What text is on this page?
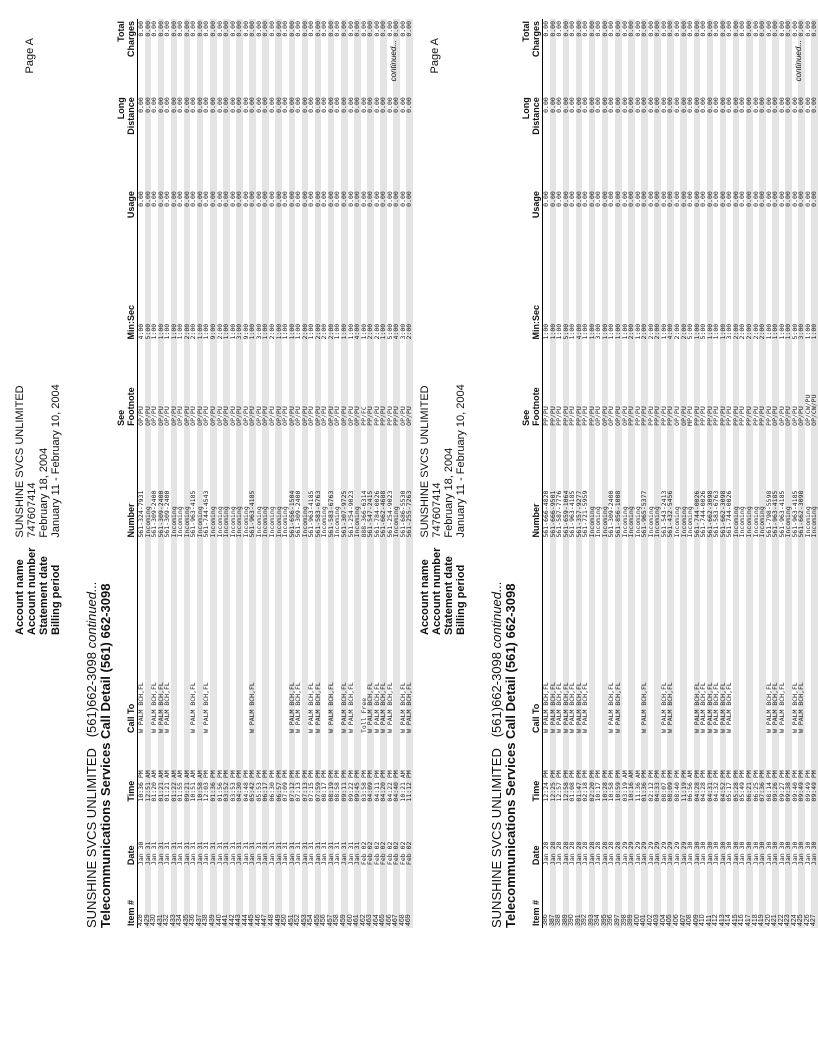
Account name	SUNSHINE SVCS UNLIMITED
Account number	747607414
Statement date	February 18, 2004
Billing period	January 11 - February 10, 2004
Page A
SUNSHINE SVCS UNLIMITED   (561)662-3098 continued... Telecommunications Services Call Detail (561) 662-3098 Item #	Date	Time	Call To	Number	See
Footnote	Min:Sec	Usage	Long
Distance	Total
Charges
386	Jan 28	12:24 PM	W PALM BCH,FL	561-666-4820	PP/PU	1:00	0.00	0.00	0.00
387	Jan 28	12:25 PM	W PALM BCH,FL	561-666-9501	PP/PU	1:00	0.00	0.00	0.00
388	Jan 28	12:57 PM	W PALM BCH,FL	561-587-7776	PP/PU	1:00	0.00	0.00	0.00
389	Jan 28	12:58 PM	W PALM BCH,FL	561-659-1064	PP/PU	5:00	0.00	0.00	0.00
390	Jan 28	01:08 PM	W PALM BCH,FL	561-963-4185	PP/PU	1:00	0.00	0.00	0.00
391	Jan 28	01:47 PM	W PALM BCH,FL	561-357-9277	PP/PU	4:00	0.00	0.00	0.00
392	Jan 28	02:18 PM	W PALM BCH,FL	561-721-5959	PP/PU	1:00	0.00	0.00	0.00
393	Jan 28	02:20 PM		Incoming	PP/PU	1:00	0.00	0.00	0.00
394	Jan 28	10:17 PM		Incoming	OP/PU	3:00	0.00	0.00	0.00
395	Jan 28	10:28 PM		Incoming	OP/PU	1:00	0.00	0.00	0.00
396	Jan 28	10:58 PM	W PALM BCH,FL	561-309-2400	OP/PU	1:00	0.00	0.00	0.00
397	Jan 28	10:59 PM	W PALM BCH,FL	561-856-1008	OP/PU	1:00	0.00	0.00	0.00
398	Jan 29	03:19 AM		Incoming	OP/PU	1:00	0.00	0.00	0.00
399	Jan 29	10:16 AM		Incoming	PP/PU	2:00	0.00	0.00	0.00
400	Jan 29	11:36 AM		Incoming	PP/PU	1:00	0.00	0.00	0.00
401	Jan 29	01:36 PM	W PALM BCH,FL	561-965-5377	PP/PU	2:00	0.00	0.00	0.00
402	Jan 29	02:12 PM		Incoming	PP/PU	2:00	0.00	0.00	0.00
403	Jan 29	04:33 PM		Incoming	PP/PU	2:00	0.00	0.00	0.00
404	Jan 29	08:07 PM	W PALM BCH,FL	561-543-2413	PP/PU	1:00	0.00	0.00	0.00
405	Jan 29	08:09 PM	W PALM BCH,FL	561-432-5456	PP/PU	4:00	0.00	0.00	0.00
406	Jan 29	08:40 PM		Incoming	OP/PU	2:00	0.00	0.00	0.00
407	Jan 29	11:19 PM		Incoming	OP/PU	2:00	0.00	0.00	0.00
408	Jan 30	06:56 AM		Incoming	MP/PU	5:00	0.00	0.00	0.00
409	Jan 30	04:28 PM	W PALM BCH,FL	561-744-0026	PP/PU	1:00	0.00	0.00	0.00
410	Jan 30	04:28 PM	W PALM BCH,FL	561-744-0026	PP/PU	5:00	0.00	0.00	0.00
411	Jan 30	04:31 PM	W PALM BCH,FL	561-662-3098	PP/PU	1:00	0.00	0.00	0.00
412	Jan 30	04:32 PM	W PALM BCH,FL	561-583-6763	PP/PU	1:00	0.00	0.00	0.00
413	Jan 30	04:52 PM	W PALM BCH,FL	561-662-3098	PP/PU	1:00	0.00	0.00	0.00
414	Jan 30	05:17 PM	W PALM BCH,FL	561-744-0026	PP/PU	3:00	0.00	0.00	0.00
415	Jan 30	05:28 PM		Incoming	PP/PU	2:00	0.00	0.00	0.00
416	Jan 30	05:49 PM		Incoming	PP/PU	2:00	0.00	0.00	0.00
417	Jan 30	06:21 PM		Incoming	PP/PU	2:00	0.00	0.00	0.00
418	Jan 30	06:25 PM		Incoming	PP/PU	2:00	0.00	0.00	0.00
419	Jan 30	07:36 PM		Incoming	PP/PU	2:00	0.00	0.00	0.00
420	Jan 30	08:14 PM	W PALM BCH,FL	561-798-5598	PP/PU	1:00	0.00	0.00	0.00
421	Jan 30	09:26 PM	W PALM BCH,FL	561-963-4185	OP/PU	1:00	0.00	0.00	0.00
422	Jan 30	09:27 PM	W PALM BCH,FL	561-963-4185	OP/PU	1:00	0.00	0.00	0.00
423	Jan 30	09:38 PM		Incoming	OP/PU	1:00	0.00	0.00	0.00
424	Jan 30	09:40 PM	W PALM BCH,FL	561-963-4185	OP/PU	5:00	0.00	0.00	0.00
425	Jan 30	09:49 PM	W PALM BCH,FL	561-662-3098	OP/PU	3:00	0.00	0.00	0.00
426	Jan 30	09:49 PM		Incoming	OP/CW/PU	1:00	0.00	0.00	0.00
427	Jan 30	09:49 PM		Incoming	OP/CW/PU	1:00	0.00	0.00	0.00
continued...
Account name	SUNSHINE SVCS UNLIMITED
Account number	747607414
Statement date	February 18, 2004
Billing period	January 11 - February 10, 2004
Page A
SUNSHINE SVCS UNLIMITED   (561)662-3098 continued... Telecommunications Services Call Detail (561) 662-3098 Item #	Date	Time	Call To	Number	See
Footnote	Min:Sec	Usage	Long
Distance	Total
Charges
428	Jan 30	10:36 PM	W PALM BCH,FL	561-324-7931	OP/PU	4:00	0.00	0.00	0.00
429	Jan 31	12:51 AM		Incoming	OP/PU	5:00	0.00	0.00	0.00
430	Jan 31	01:20 AM	W PALM BCH,FL	561-309-2400	OP/PU	1:00	0.00	0.00	0.00
431	Jan 31	01:21 AM	W PALM BCH,FL	561-309-2400	OP/PU	1:00	0.00	0.00	0.00
432	Jan 31	01:21 AM	W PALM BCH,FL	561-309-2400	OP/PU	1:00	0.00	0.00	0.00
433	Jan 31	01:22 AM		Incoming	OP/PU	1:00	0.00	0.00	0.00
434	Jan 31	01:55 AM		Incoming	OP/PU	1:00	0.00	0.00	0.00
435	Jan 31	09:21 AM		Incoming	OP/PU	2:00	0.00	0.00	0.00
436	Jan 31	10:51 AM	W PALM BCH,FL	561-963-4185	OP/PU	2:00	0.00	0.00	0.00
437	Jan 31	10:58 AM		Incoming	OP/PU	1:00	0.00	0.00	0.00
438	Jan 31	12:03 PM	W PALM BCH,FL	561-744-4543	OP/PU	1:00	0.00	0.00	0.00
439	Jan 31	01:36 PM		Incoming	OP/PU	9:00	0.00	0.00	0.00
440	Jan 31	01:56 PM		Incoming	OP/PU	2:00	0.00	0.00	0.00
441	Jan 31	03:52 PM		Incoming	OP/PU	1:00	0.00	0.00	0.00
442	Jan 31	03:53 PM		Incoming	OP/PU	1:00	0.00	0.00	0.00
443	Jan 31	04:30 PM		Incoming	OP/PU	3:00	0.00	0.00	0.00
444	Jan 31	04:48 PM		Incoming	OP/PU	9:00	0.00	0.00	0.00
445	Jan 31	05:42 PM	W PALM BCH,FL	561-963-4185	OP/PU	1:00	0.00	0.00	0.00
446	Jan 31	05:53 PM		Incoming	OP/PU	3:00	0.00	0.00	0.00
447	Jan 31	06:17 PM		Incoming	OP/PU	1:00	0.00	0.00	0.00
448	Jan 31	06:30 PM		Incoming	OP/PU	2:00	0.00	0.00	0.00
449	Jan 31	06:57 PM		Incoming	OP/PU	1:00	0.00	0.00	0.00
450	Jan 31	07:09 PM		Incoming	OP/PU	1:00	0.00	0.00	0.00
451	Jan 31	07:12 PM	W PALM BCH,FL	561-656-1504	OP/PU	1:00	0.00	0.00	0.00
452	Jan 31	07:13 PM	W PALM BCH,FL	561-309-2400	OP/PU	1:00	0.00	0.00	0.00
453	Jan 31	07:13 PM		Incoming	OP/PU	2:00	0.00	0.00	0.00
454	Jan 31	07:15 PM	W PALM BCH,FL	561-963-4185	OP/PU	1:00	0.00	0.00	0.00
455	Jan 31	07:59 PM	W PALM BCH,FL	561-583-6763	OP/PU	2:00	0.00	0.00	0.00
456	Jan 31	08:17 PM		Incoming	OP/PU	2:00	0.00	0.00	0.00
457	Jan 31	08:19 PM	W PALM BCH,FL	561-583-6763	OP/PU	2:00	0.00	0.00	0.00
458	Jan 31	08:58 PM		Incoming	OP/PU	1:00	0.00	0.00	0.00
459	Jan 31	09:11 PM	W PALM BCH,FL	561-307-9725	OP/PU	1:00	0.00	0.00	0.00
460	Jan 31	09:22 PM	W PALM BCH,FL	561-254-9023	OP/PU	1:00	0.00	0.00	0.00
461	Jan 31	09:45 PM		Incoming	OP/PU	4:00	0.00	0.00	0.00
462	Feb 02	03:58 PM	Toll Free	888-366-6314	PP/FC	1:00	0.00	0.00	0.00
463	Feb 02	04:09 PM	W PALM BCH,FL	561-547-2415	PP/PU	2:00	0.00	0.00	0.00
464	Feb 02	04:11 PM	W PALM BCH,FL	561-784-0026	PP/PU	2:00	0.00	0.00	0.00
465	Feb 02	04:20 PM	W PALM BCH,FL	561-662-4688	PP/PU	1:00	0.00	0.00	0.00
466	Feb 02	04:22 PM	W PALM BCH,FL	561-254-9023	PP/PU	5:00	0.00	0.00	0.00
467	Feb 02	04:40 PM		Incoming	PP/PU	4:00	0.00	0.00	0.00
468	Feb 02	10:21 AM	W PALM BCH,FL	561-686-5530	OP/PU	3:00	0.00	0.00	0.00
469	Feb 02	11:12 PM	W PALM BCH,FL	561-255-7263	OP/PU	2:00	0.00	0.00	0.00
continued...
